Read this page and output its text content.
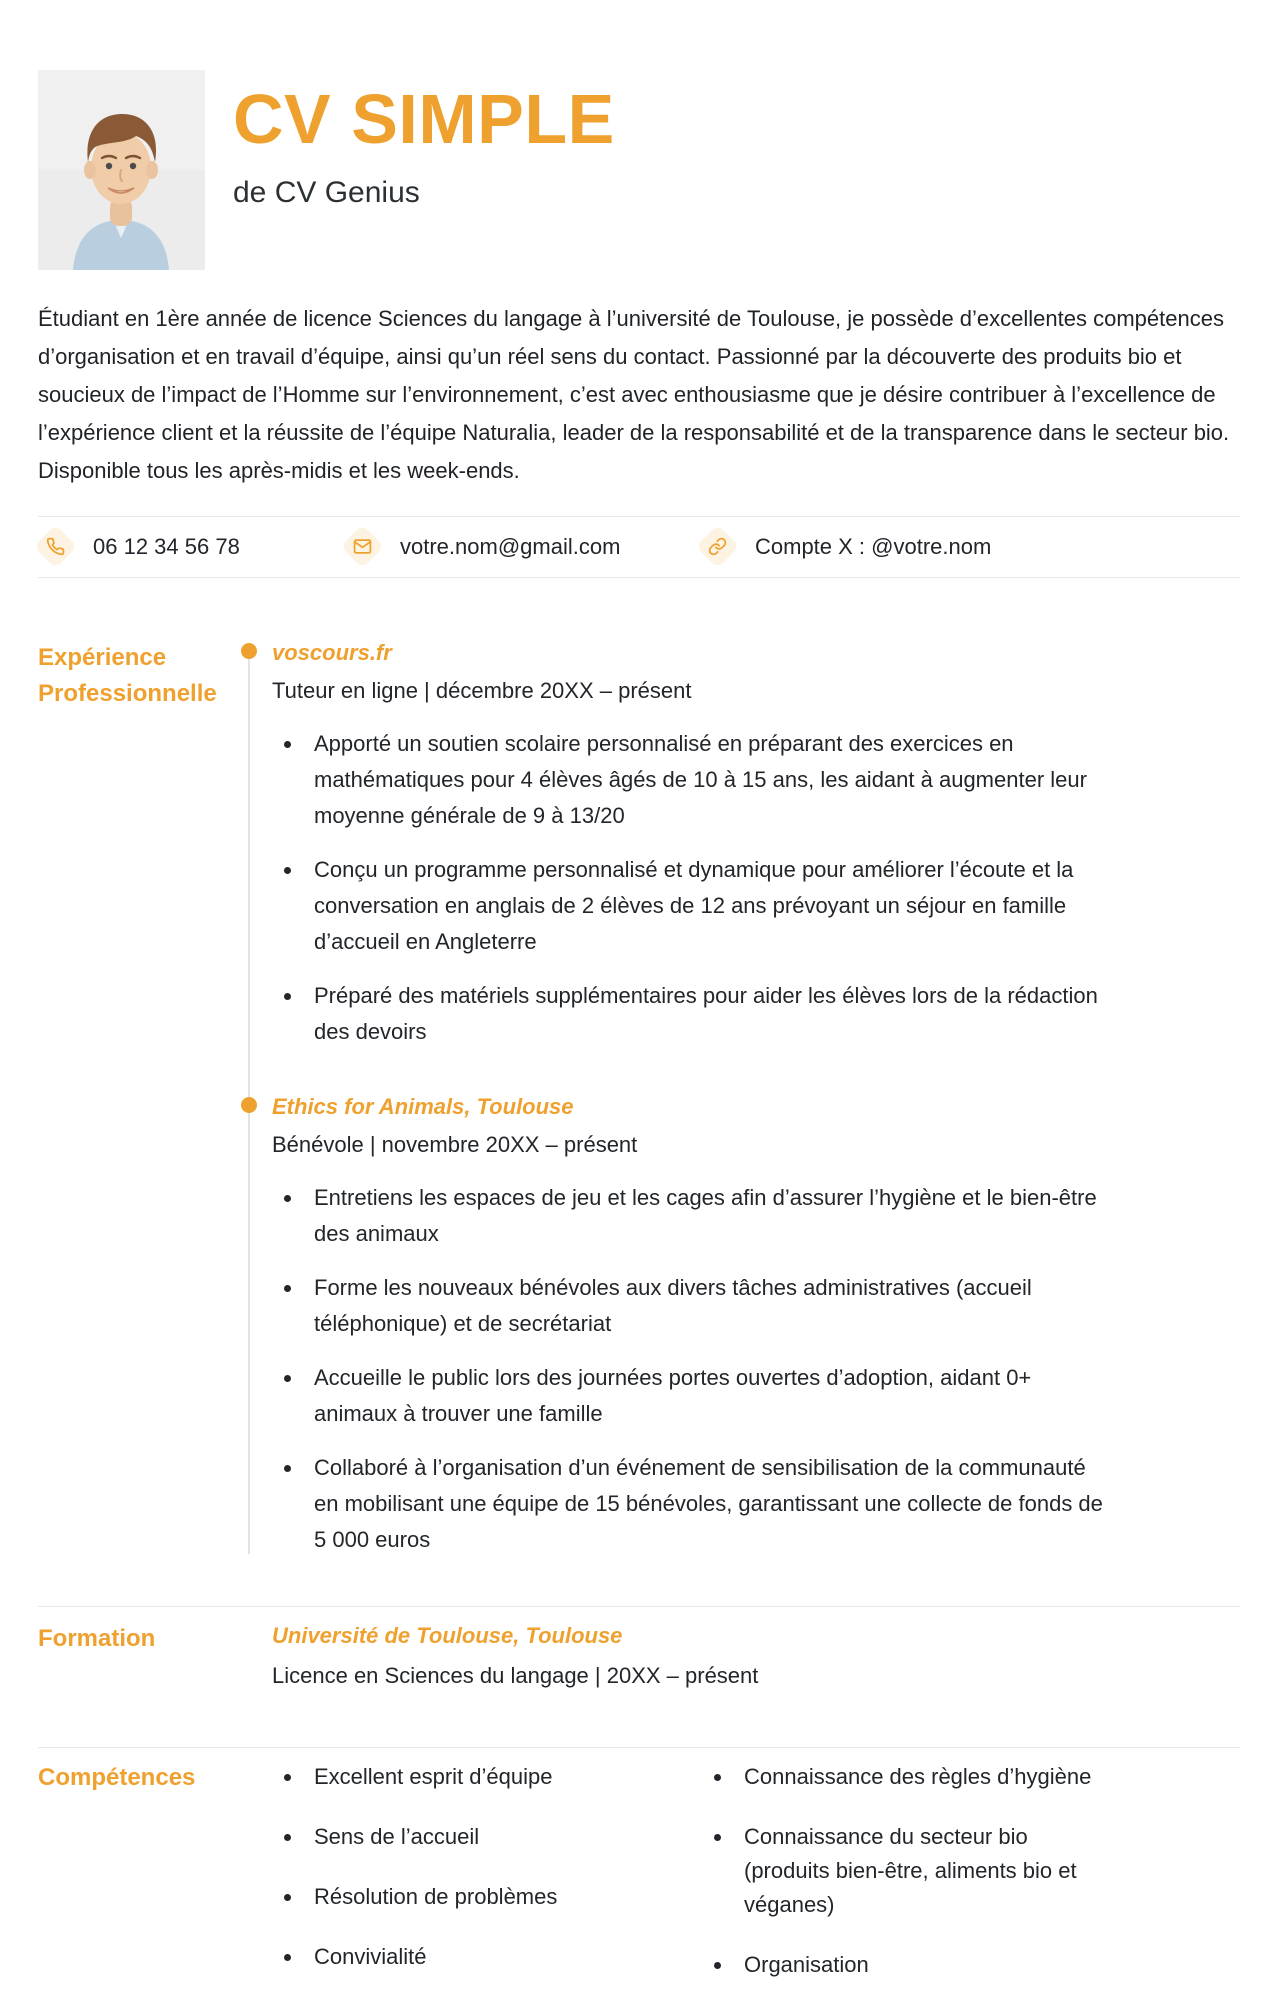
CV SIMPLE
de CV Genius

Étudiant en 1ère année de licence Sciences du langage à l’université de Toulouse, je possède d’excellentes compétences d’organisation et en travail d’équipe, ainsi qu’un réel sens du contact. Passionné par la découverte des produits bio et soucieux de l’impact de l’Homme sur l’environnement, c’est avec enthousiasme que je désire contribuer à l’excellence de l’expérience client et la réussite de l’équipe Naturalia, leader de la responsabilité et de la transparence dans le secteur bio. Disponible tous les après-midis et les week-ends.

06 12 34 56 78	votre.nom@gmail.com	Compte X : @votre.nom
Expérience Professionnelle
voscours.fr
Tuteur en ligne | décembre 20XX – présent
• Apporté un soutien scolaire personnalisé en préparant des exercices en mathématiques pour 4 élèves âgés de 10 à 15 ans, les aidant à augmenter leur moyenne générale de 9 à 13/20
• Conçu un programme personnalisé et dynamique pour améliorer l’écoute et la conversation en anglais de 2 élèves de 12 ans prévoyant un séjour en famille d’accueil en Angleterre
• Préparé des matériels supplémentaires pour aider les élèves lors de la rédaction des devoirs
Ethics for Animals, Toulouse
Bénévole | novembre 20XX – présent
• Entretiens les espaces de jeu et les cages afin d’assurer l’hygiène et le bien-être des animaux
• Forme les nouveaux bénévoles aux divers tâches administratives (accueil téléphonique) et de secrétariat
• Accueille le public lors des journées portes ouvertes d’adoption, aidant 0+ animaux à trouver une famille
• Collaboré à l’organisation d’un événement de sensibilisation de la communauté en mobilisant une équipe de 15 bénévoles, garantissant une collecte de fonds de 5 000 euros
Formation	Université de Toulouse, Toulouse
Licence en Sciences du langage | 20XX – présent
Compétences	• Excellent esprit d’équipe
• Sens de l’accueil
• Résolution de problèmes
• Convivialité
• Connaissance des règles d’hygiène
• Connaissance du secteur bio (produits bien-être, aliments bio et véganes)
• Organisation
